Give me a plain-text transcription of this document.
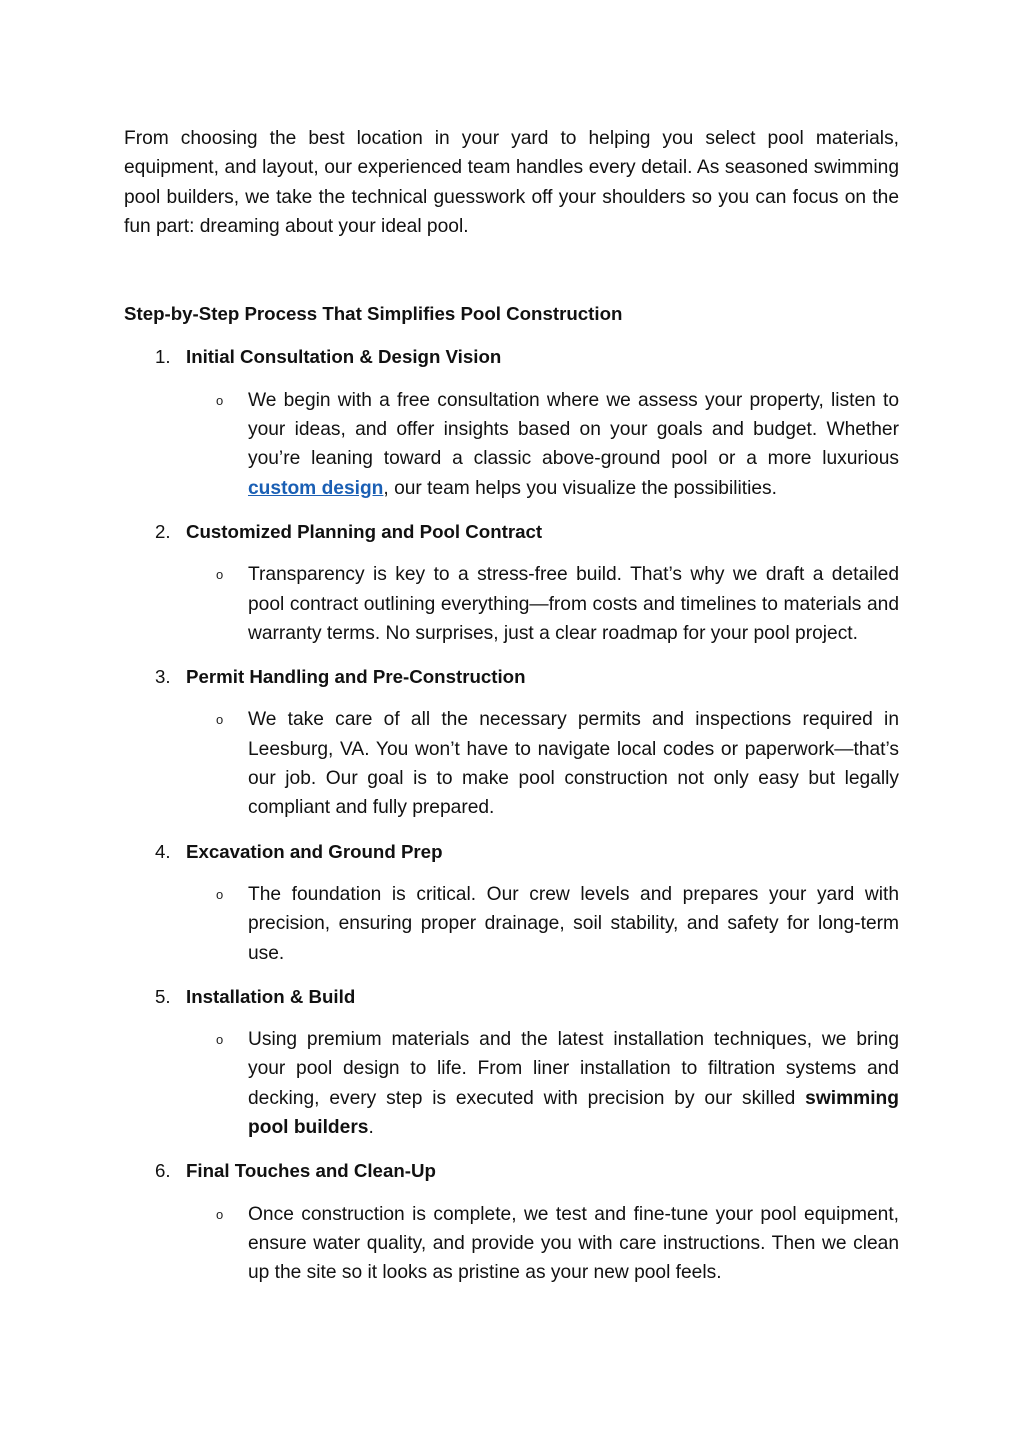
From choosing the best location in your yard to helping you select pool materials, equipment, and layout, our experienced team handles every detail. As seasoned swimming pool builders, we take the technical guesswork off your shoulders so you can focus on the fun part: dreaming about your ideal pool.

Step-by-Step Process That Simplifies Pool Construction
1. Initial Consultation & Design Vision
o	We begin with a free consultation where we assess your property, listen to your ideas, and offer insights based on your goals and budget. Whether you’re leaning toward a classic above-ground pool or a more luxurious custom design, our team helps you visualize the possibilities.
2. Customized Planning and Pool Contract
o	Transparency is key to a stress-free build. That’s why we draft a detailed pool contract outlining everything—from costs and timelines to materials and warranty terms. No surprises, just a clear roadmap for your pool project.
3. Permit Handling and Pre-Construction
o	We take care of all the necessary permits and inspections required in Leesburg, VA. You won’t have to navigate local codes or paperwork—that’s our job. Our goal is to make pool construction not only easy but legally compliant and fully prepared.
4. Excavation and Ground Prep
o	The foundation is critical. Our crew levels and prepares your yard with precision, ensuring proper drainage, soil stability, and safety for long-term use.
5. Installation & Build
o	Using premium materials and the latest installation techniques, we bring your pool design to life. From liner installation to filtration systems and decking, every step is executed with precision by our skilled swimming pool builders.
6. Final Touches and Clean-Up
o	Once construction is complete, we test and fine-tune your pool equipment, ensure water quality, and provide you with care instructions. Then we clean up the site so it looks as pristine as your new pool feels.
